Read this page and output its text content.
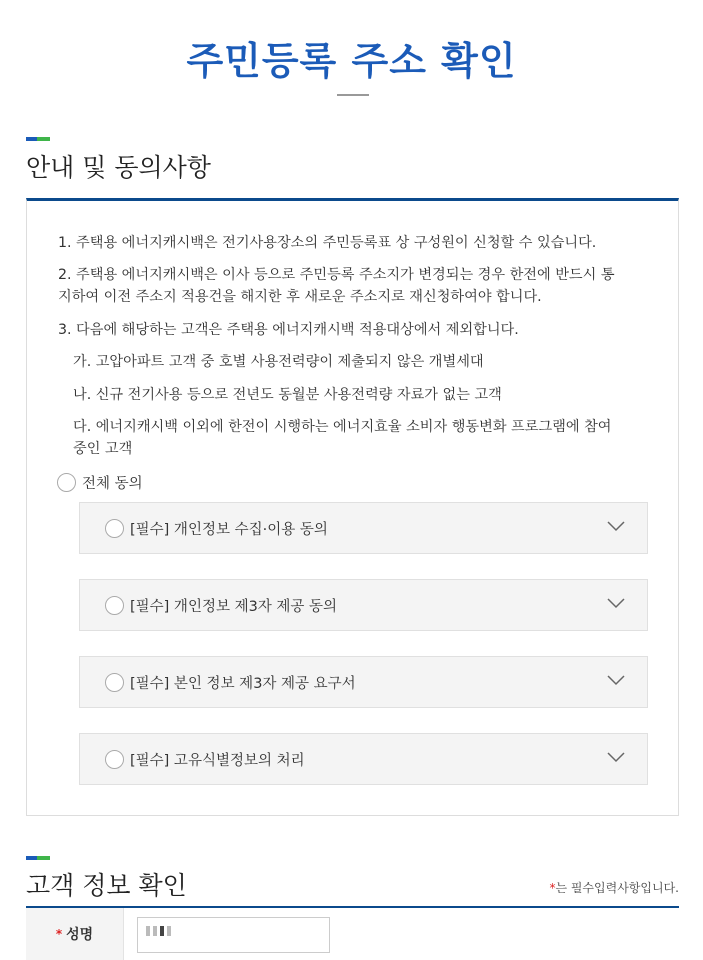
주민등록 주소 확인
안내 및 동의사항
1. 주택용 에너지캐시백은 전기사용장소의 주민등록표 상 구성원이 신청할 수 있습니다.
2. 주택용 에너지캐시백은 이사 등으로 주민등록 주소지가 변경되는 경우 한전에 반드시 통
지하여 이전 주소지 적용건을 해지한 후 새로운 주소지로 재신청하여야 합니다.
3. 다음에 해당하는 고객은 주택용 에너지캐시백 적용대상에서 제외합니다.
가. 고압아파트 고객 중 호별 사용전력량이 제출되지 않은 개별세대
나. 신규 전기사용 등으로 전년도 동월분 사용전력량 자료가 없는 고객
다. 에너지캐시백 이외에 한전이 시행하는 에너지효율 소비자 행동변화 프로그램에 참여
중인 고객
전체 동의
[필수] 개인정보 수집·이용 동의
[필수] 개인정보 제3자 제공 동의
[필수] 본인 정보 제3자 제공 요구서
[필수] 고유식별정보의 처리
고객 정보 확인	*는 필수입력사항입니다.
* 성명
